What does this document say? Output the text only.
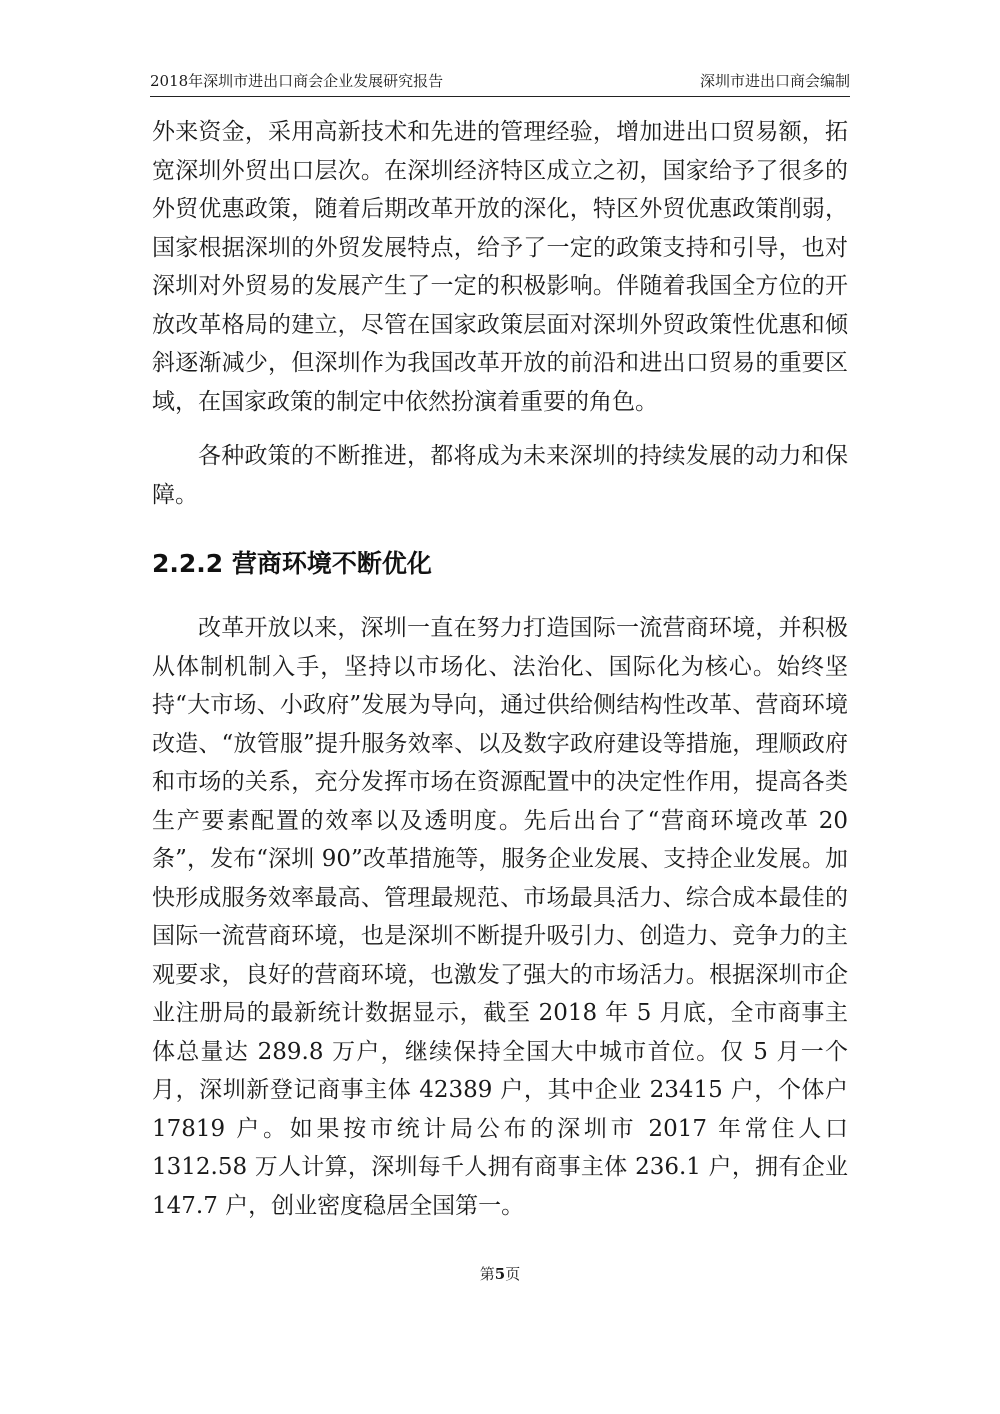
2018年深圳市进出口商会企业发展研究报告	深圳市进出口商会编制

外来资金，采用高新技术和先进的管理经验，增加进出口贸易额，拓宽深圳外贸出口层次。在深圳经济特区成立之初，国家给予了很多的外贸优惠政策，随着后期改革开放的深化，特区外贸优惠政策削弱，国家根据深圳的外贸发展特点，给予了一定的政策支持和引导，也对深圳对外贸易的发展产生了一定的积极影响。伴随着我国全方位的开放改革格局的建立，尽管在国家政策层面对深圳外贸政策性优惠和倾斜逐渐减少，但深圳作为我国改革开放的前沿和进出口贸易的重要区域，在国家政策的制定中依然扮演着重要的角色。

各种政策的不断推进，都将成为未来深圳的持续发展的动力和保障。

2.2.2 营商环境不断优化

改革开放以来，深圳一直在努力打造国际一流营商环境，并积极从体制机制入手，坚持以市场化、法治化、国际化为核心。始终坚持“大市场、小政府”发展为导向，通过供给侧结构性改革、营商环境改造、“放管服”提升服务效率、以及数字政府建设等措施，理顺政府和市场的关系，充分发挥市场在资源配置中的决定性作用，提高各类生产要素配置的效率以及透明度。先后出台了“营商环境改革 20 条”，发布“深圳 90”改革措施等，服务企业发展、支持企业发展。加快形成服务效率最高、管理最规范、市场最具活力、综合成本最佳的国际一流营商环境，也是深圳不断提升吸引力、创造力、竞争力的主观要求，良好的营商环境，也激发了强大的市场活力。根据深圳市企业注册局的最新统计数据显示，截至 2018 年 5 月底，全市商事主体总量达 289.8 万户，继续保持全国大中城市首位。仅 5 月一个月，深圳新登记商事主体 42389 户，其中企业 23415 户，个体户 17819 户。如果按市统计局公布的深圳市 2017 年常住人口 1312.58 万人计算，深圳每千人拥有商事主体 236.1 户，拥有企业 147.7 户，创业密度稳居全国第一。

第5页
